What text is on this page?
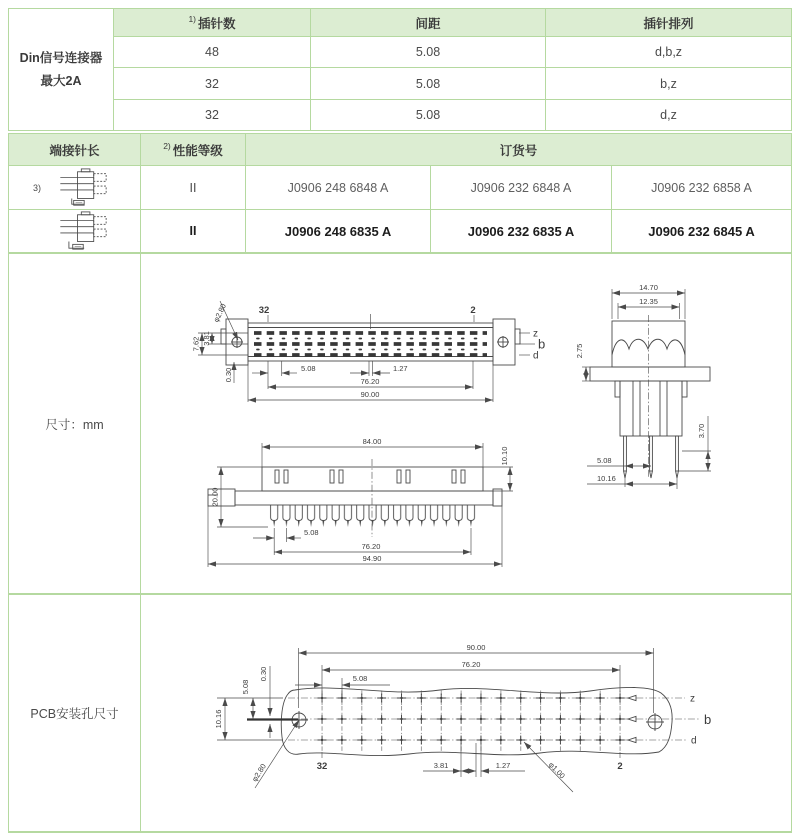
Din信号连接器
最大2A
1) 插针数	间距	插针排列
48	5.08	d,b,z
32	5.08	b,z
32	5.08	d,z
端接针长	2) 性能等级	订货号
3)	II	J0906 248 6848 A	J0906 232 6848 A	J0906 232 6858 A
II	J0906 248 6835 A	J0906 232 6835 A	J0906 232 6845 A
尺寸：mm
z
b
d
32	2
7.62 3.81
0.30
φ2.80
5.08	1.27
76.20
90.00
14.70
12.35
2.75
3.70
5.08
10.16
84.00
10.10
20.00
5.08
76.20
94.90
PCB安装孔尺寸
90.00
76.20
5.08
0.30
5.08
10.16
3.81	1.27
φ2.80	φ1.00
32	2
z
b
d
